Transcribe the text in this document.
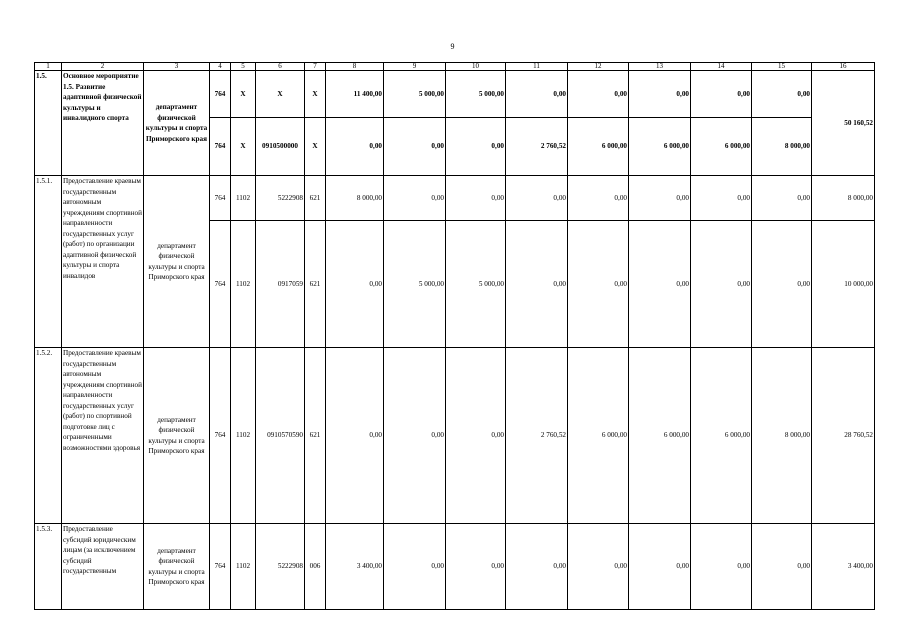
9
1	2	3	4	5	6	7	8	9	10	11	12	13	14	15	16
1.5.	Основное мероприятие 1.5. Развитие адаптивной физической культуры и инвалидного спорта	департамент физической культуры и спорта Приморского края	764	X	X	X	11 400,00	5 000,00	5 000,00	0,00	0,00	0,00	0,00	0,00	50 160,52
			764	X	0910500000	X	0,00	0,00	0,00	2 760,52	6 000,00	6 000,00	6 000,00	8 000,00	
1.5.1.	Предоставление краевым государственным автономным учреждениям спортивной направленности государственных услуг (работ) по организации адаптивной физической культуры и спорта инвалидов	департамент физической культуры и спорта Приморского края	764	1102	5222908	621	8 000,00	0,00	0,00	0,00	0,00	0,00	0,00	0,00	8 000,00
			764	1102	0917059	621	0,00	5 000,00	5 000,00	0,00	0,00	0,00	0,00	0,00	10 000,00
1.5.2.	Предоставление краевым государственным автономным учреждениям спортивной направленности государственных услуг (работ) по спортивной подготовке лиц с ограниченными возможностями здоровья	департамент физической культуры и спорта Приморского края	764	1102	0910570590	621	0,00	0,00	0,00	2 760,52	6 000,00	6 000,00	6 000,00	8 000,00	28 760,52
1.5.3.	Предоставление субсидий юридическим лицам (за исключением субсидий государственным	департамент физической культуры и спорта Приморского края	764	1102	5222908	006	3 400,00	0,00	0,00	0,00	0,00	0,00	0,00	0,00	3 400,00
